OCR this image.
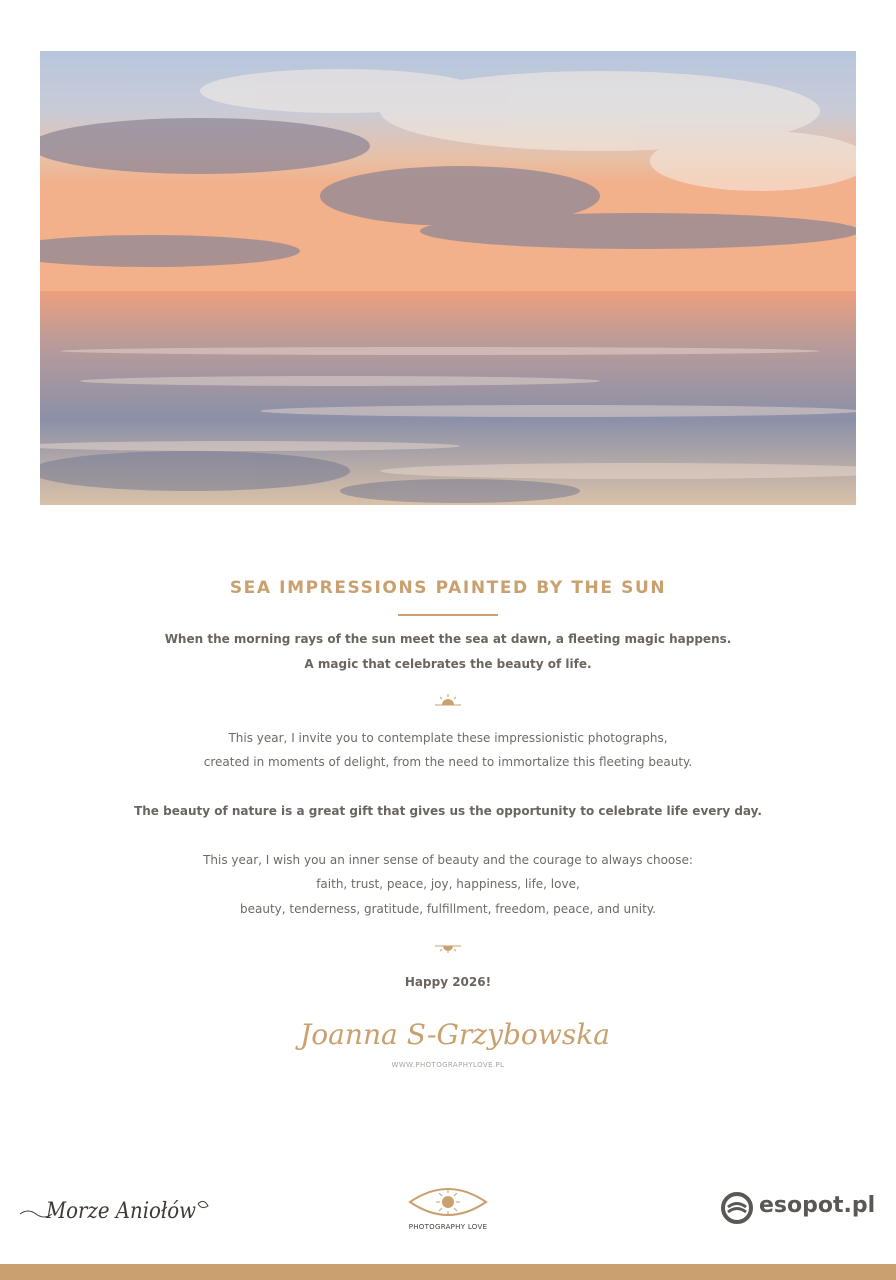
SEA IMPRESSIONS PAINTED BY THE SUN
When the morning rays of the sun meet the sea at dawn, a fleeting magic happens.
A magic that celebrates the beauty of life.
This year, I invite you to contemplate these impressionistic photographs,
created in moments of delight, from the need to immortalize this fleeting beauty.
The beauty of nature is a great gift that gives us the opportunity to celebrate life every day.
This year, I wish you an inner sense of beauty and the courage to always choose:
faith, trust, peace, joy, happiness, life, love,
beauty, tenderness, gratitude, fulfillment, freedom, peace, and unity.
Happy 2026!
Joanna S-Grzybowska
WWW.PHOTOGRAPHYLOVE.PL
Morze Aniołów
PHOTOGRAPHY LOVE
esopot.pl
